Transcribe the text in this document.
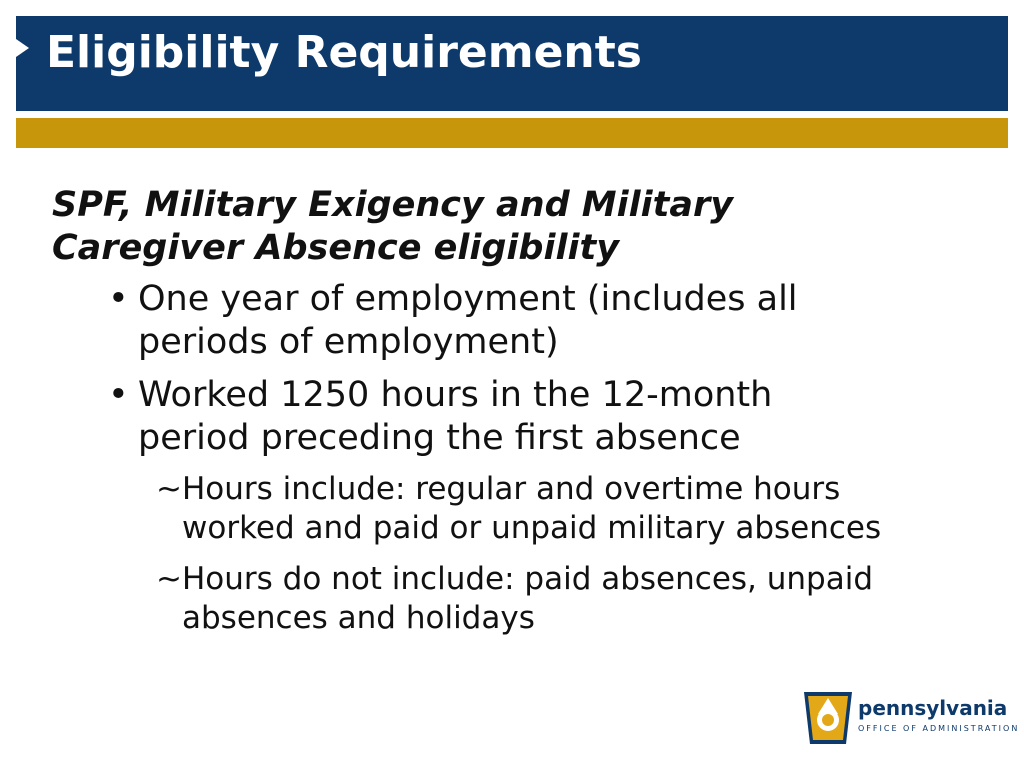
Eligibility Requirements

SPF, Military Exigency and Military
Caregiver Absence eligibility

• One year of employment (includes all periods of employment)
• Worked 1250 hours in the 12-month period preceding the first absence
~ Hours include: regular and overtime hours worked and paid or unpaid military absences
~ Hours do not include: paid absences, unpaid absences and holidays
pennsylvania
OFFICE OF ADMINISTRATION
